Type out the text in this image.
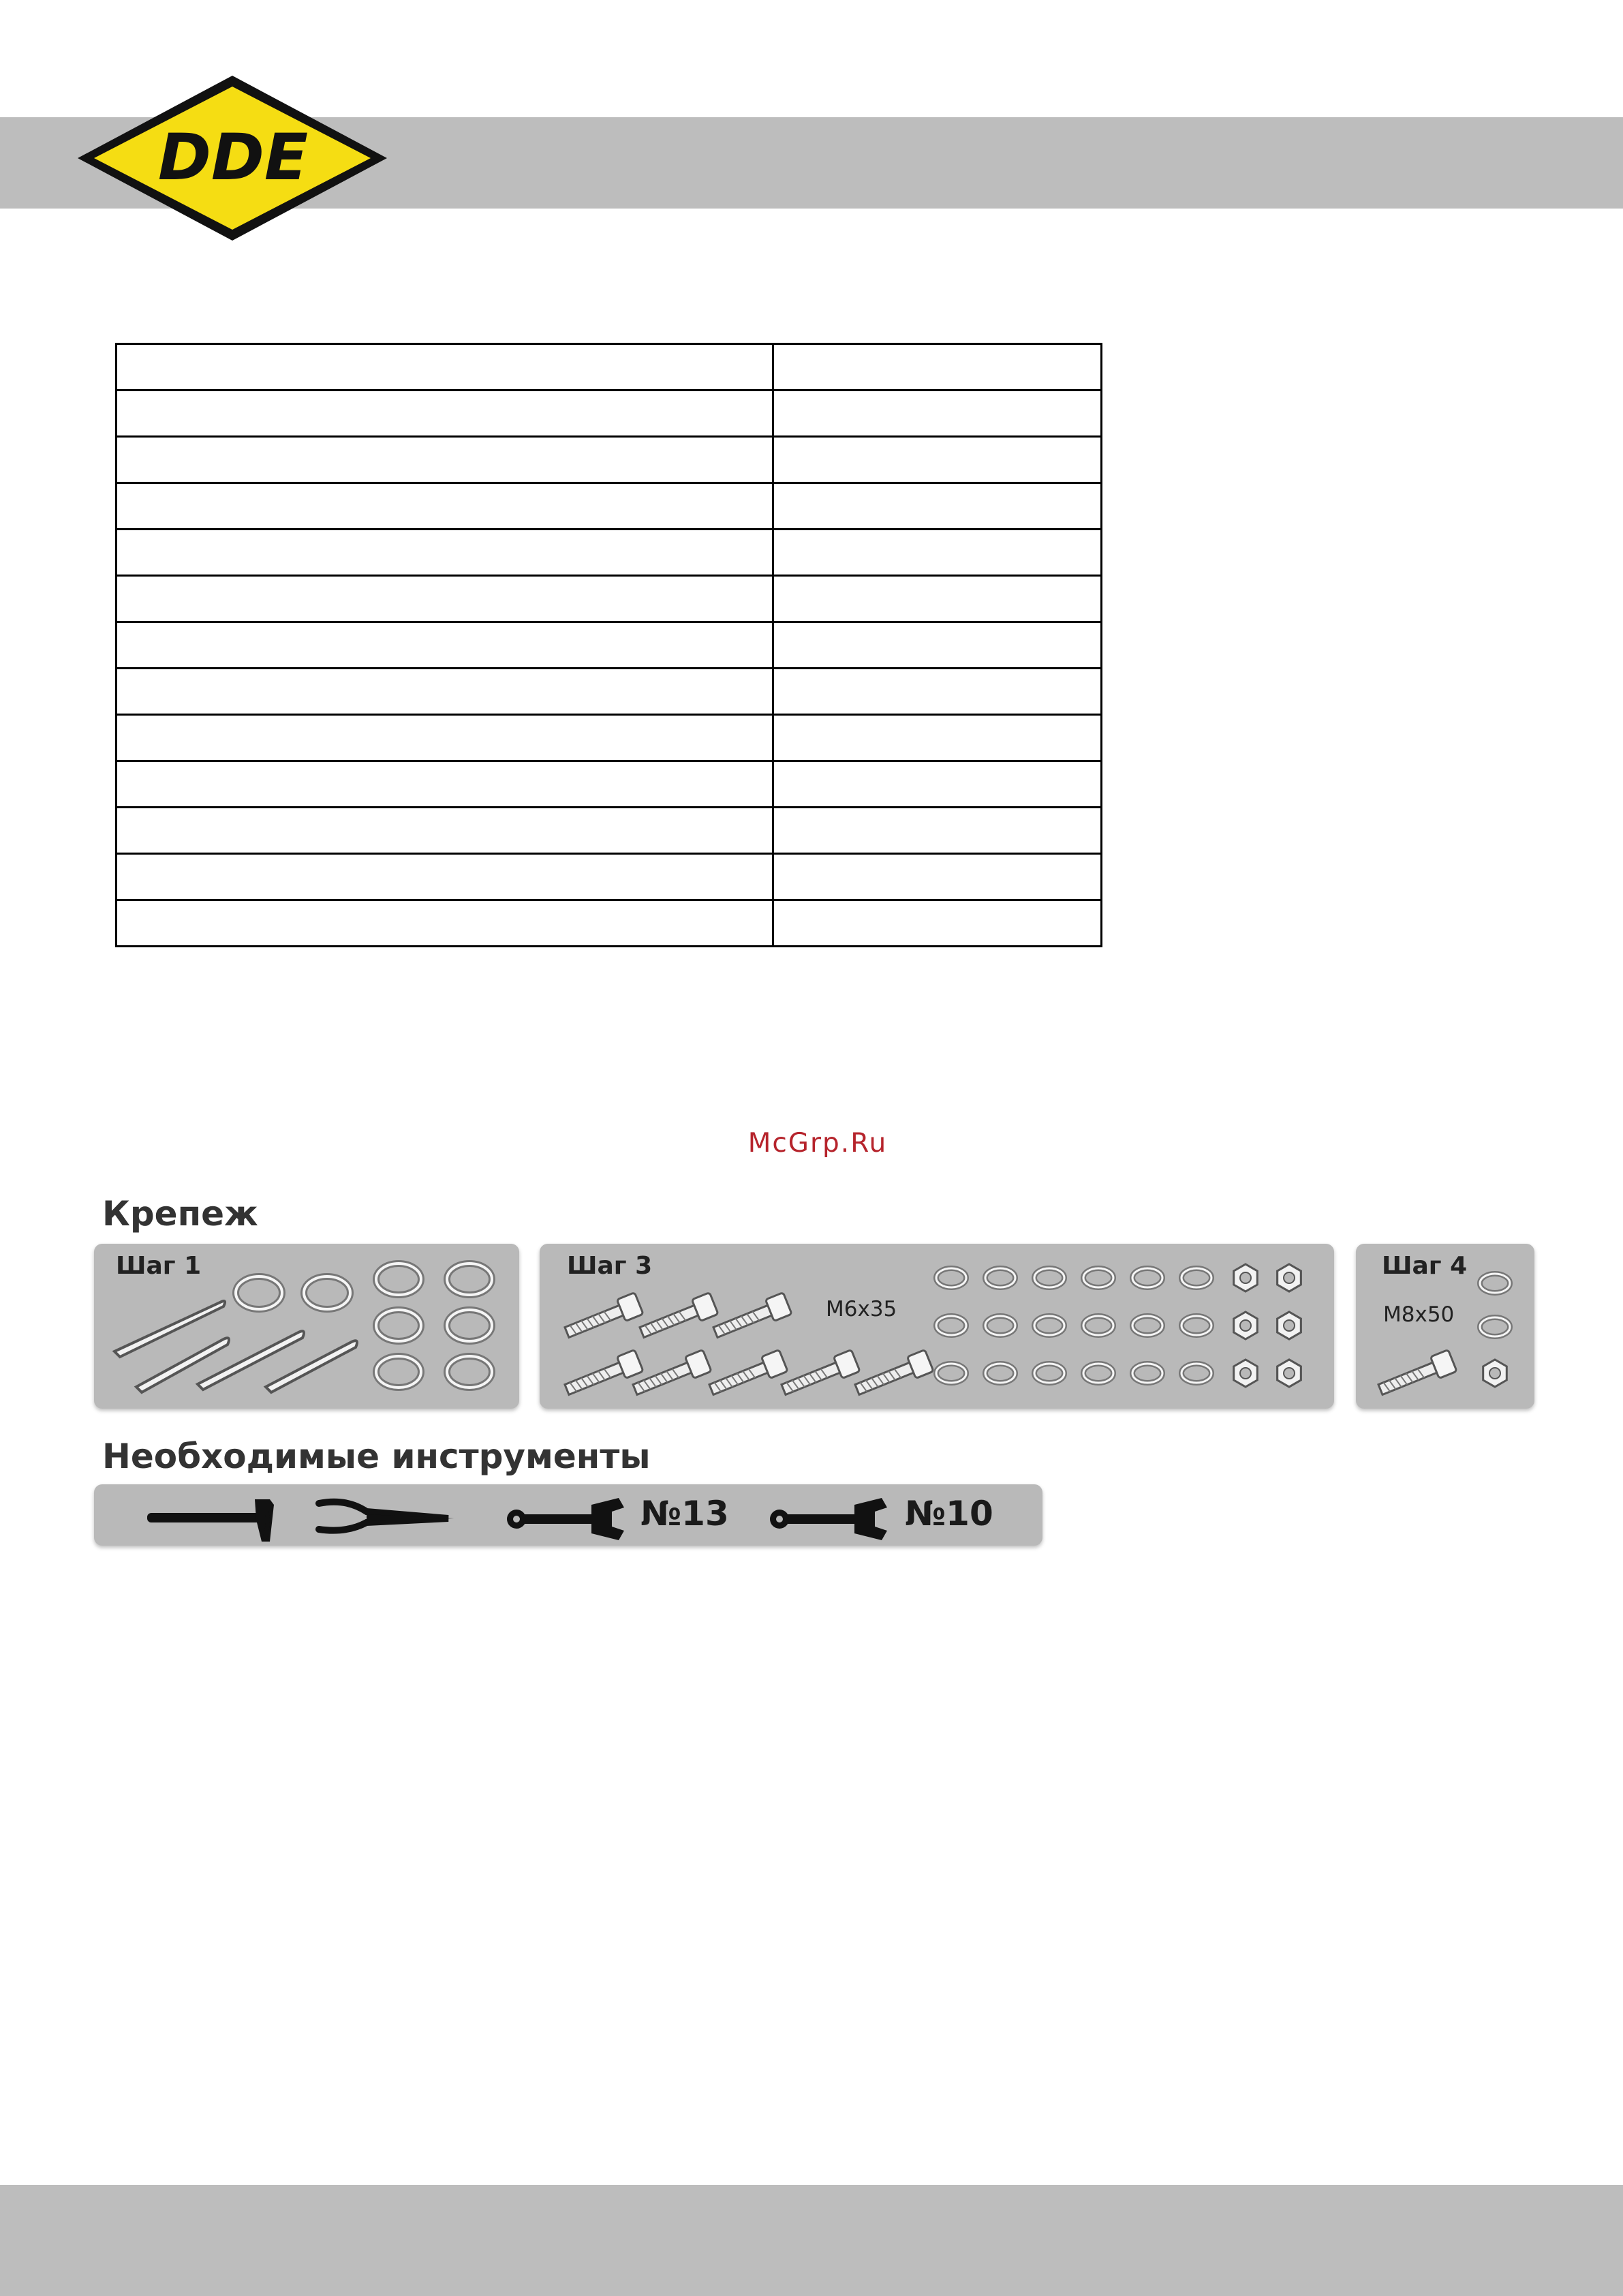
DDE

McGrp.Ru
Крепеж
Шаг 1	Шаг 3
M6x35
Шаг 4
M8x50
Необходимые инструменты
№13	№10
